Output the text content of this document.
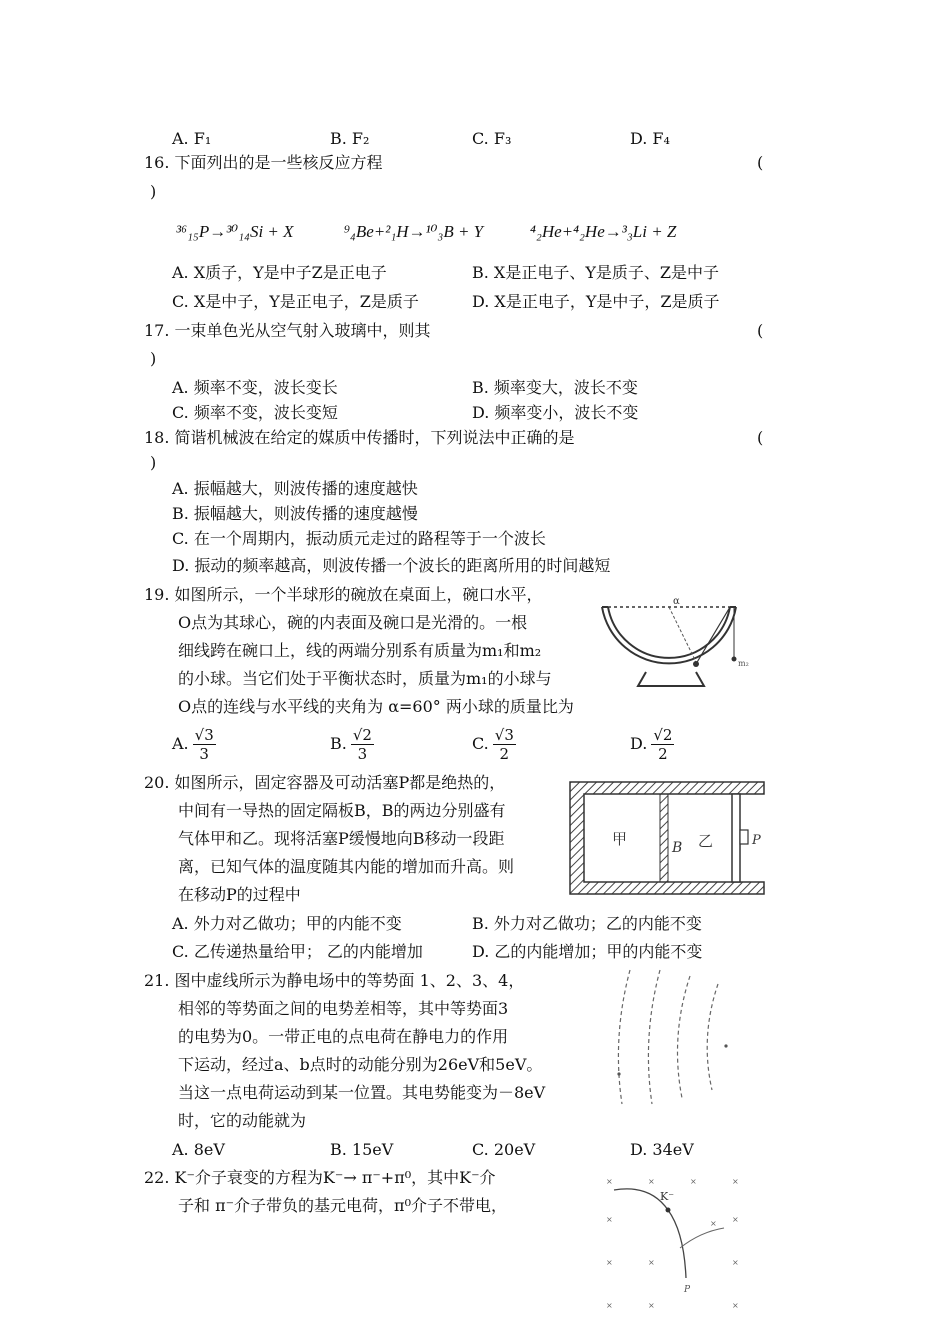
A. F₁	B. F₂	C. F₃	D. F₄
16. 下面列出的是一些核反应方程	(
)
³⁶₁₅P→³⁰₁₄Si + X	⁹₄Be+²₁H→¹⁰₃B + Y	⁴₂He+⁴₂He→³₃Li + Z
A. X质子，Y是中子Z是正电子	B. X是正电子、Y是质子、Z是中子
C. X是中子，Y是正电子，Z是质子	D. X是正电子，Y是中子，Z是质子
17. 一束单色光从空气射入玻璃中，则其	(
)
A. 频率不变，波长变长	B. 频率变大，波长不变
C. 频率不变，波长变短	D. 频率变小，波长不变
18. 简谐机械波在给定的媒质中传播时，下列说法中正确的是	(
)
A. 振幅越大，则波传播的速度越快
B. 振幅越大，则波传播的速度越慢
C. 在一个周期内，振动质元走过的路程等于一个波长
D. 振动的频率越高，则波传播一个波长的距离所用的时间越短
19. 如图所示，一个半球形的碗放在桌面上，碗口水平，
O点为其球心，碗的内表面及碗口是光滑的。一根
细线跨在碗口上，线的两端分别系有质量为m₁和m₂
的小球。当它们处于平衡状态时，质量为m₁的小球与
O点的连线与水平线的夹角为 α=60° 两小球的质量比为
A. $\frac{√3}{3}$	B. $\frac{√2}{3}$	C. $\frac{√3}{2}$	D. $\frac{√2}{2}$
α
m₂
20. 如图所示，固定容器及可动活塞P都是绝热的，
中间有一导热的固定隔板B，B的两边分别盛有
气体甲和乙。现将活塞P缓慢地向B移动一段距
离，已知气体的温度随其内能的增加而升高。则
在移动P的过程中
A. 外力对乙做功；甲的内能不变	B. 外力对乙做功；乙的内能不变
C. 乙传递热量给甲； 乙的内能增加	D. 乙的内能增加；甲的内能不变
甲	B 乙	P
21. 图中虚线所示为静电场中的等势面 1、2、3、4，
相邻的等势面之间的电势差相等，其中等势面3
的电势为0。一带正电的点电荷在静电力的作用
下运动，经过a、b点时的动能分别为26eV和5eV。
当这一点电荷运动到某一位置。其电势能变为－8eV
时，它的动能就为
A. 8eV	B. 15eV	C. 20eV	D. 34eV
22. K⁻介子衰变的方程为K⁻→ π⁻+π⁰，其中K⁻介
子和 π⁻介子带负的基元电荷，π⁰介子不带电，
×	×	×	×
×	×
×
×	×	×
×	×	×
K⁻
P
